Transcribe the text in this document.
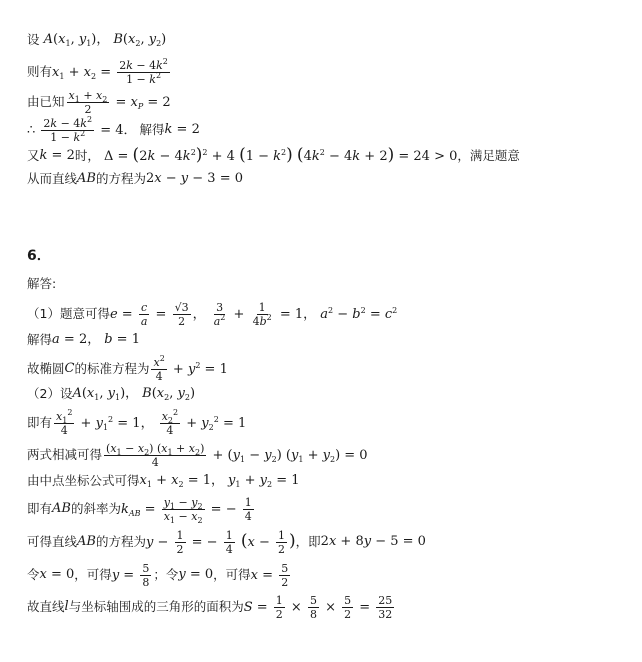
设 $A(x_1$, $y_1$)， $B(x_2$, $y_2$)
则有 $x_1 + x_2 = \frac{2k - 4k^2}{1 - k^2}$
由已知 $\frac{x_1 + x_2}{2} = x_P = 2$
∴ $\frac{2k - 4k^2}{1 - k^2} = 4$． 解得 k = 2
又 k = 2 时， $\Delta = (2k - 4k^2)^2 + 4$ $(1 - k^2)$ $(4k^2 - 4k + 2) = 24 > 0$ ，满足题意
从而直线 AB 的方程为 2x − y − 3 = 0
6．
解答:
（1）题意可得 $e = \frac{c}{a} = \frac{√3}{2}$ ， $\frac{3}{a^2} + \frac{1}{4b^2} = 1$， $a^2 - b^2 = c^2$
解得 a = 2， b = 1
故椭圆 C 的标准方程为 $\frac{x^2}{4} + y^2 = 1$
（2）设 $A(x_1$, $y_1$)， $B(x_2$, $y_2$)
即有 $\frac{x_1^2}{4} + y_1^2 = 1$， $\frac{x_2^2}{4} + y_2^2 = 1$
两式相减可得 $\frac{(x_1 - x_2) (x_1 + x_2)}{4} + (y_1 - y_2) (y_1 + y_2) = 0$
由中点坐标公式可得 $x_1 + x_2 = 1$， $y_1 + y_2 = 1$
即有 AB 的斜率为 $k_{AB} = \frac{y_1 - y_2}{x_1 - x_2}$ = − $\frac{1}{4}$
可得直线 AB 的方程为 $y - \frac{1}{2}$ = − $\frac{1}{4} (x - \frac{1}{2}$ ) ，即 2x + 8y − 5 = 0
令 x = 0 ，可得 $y = \frac{5}{8}$ ；令 y = 0 ，可得 $x = \frac{5}{2}$
故直线 l 与坐标轴围成的三角形的面积为 $S = \frac{1}{2} \times \frac{5}{8} \times \frac{5}{2} = \frac{25}{32}$
